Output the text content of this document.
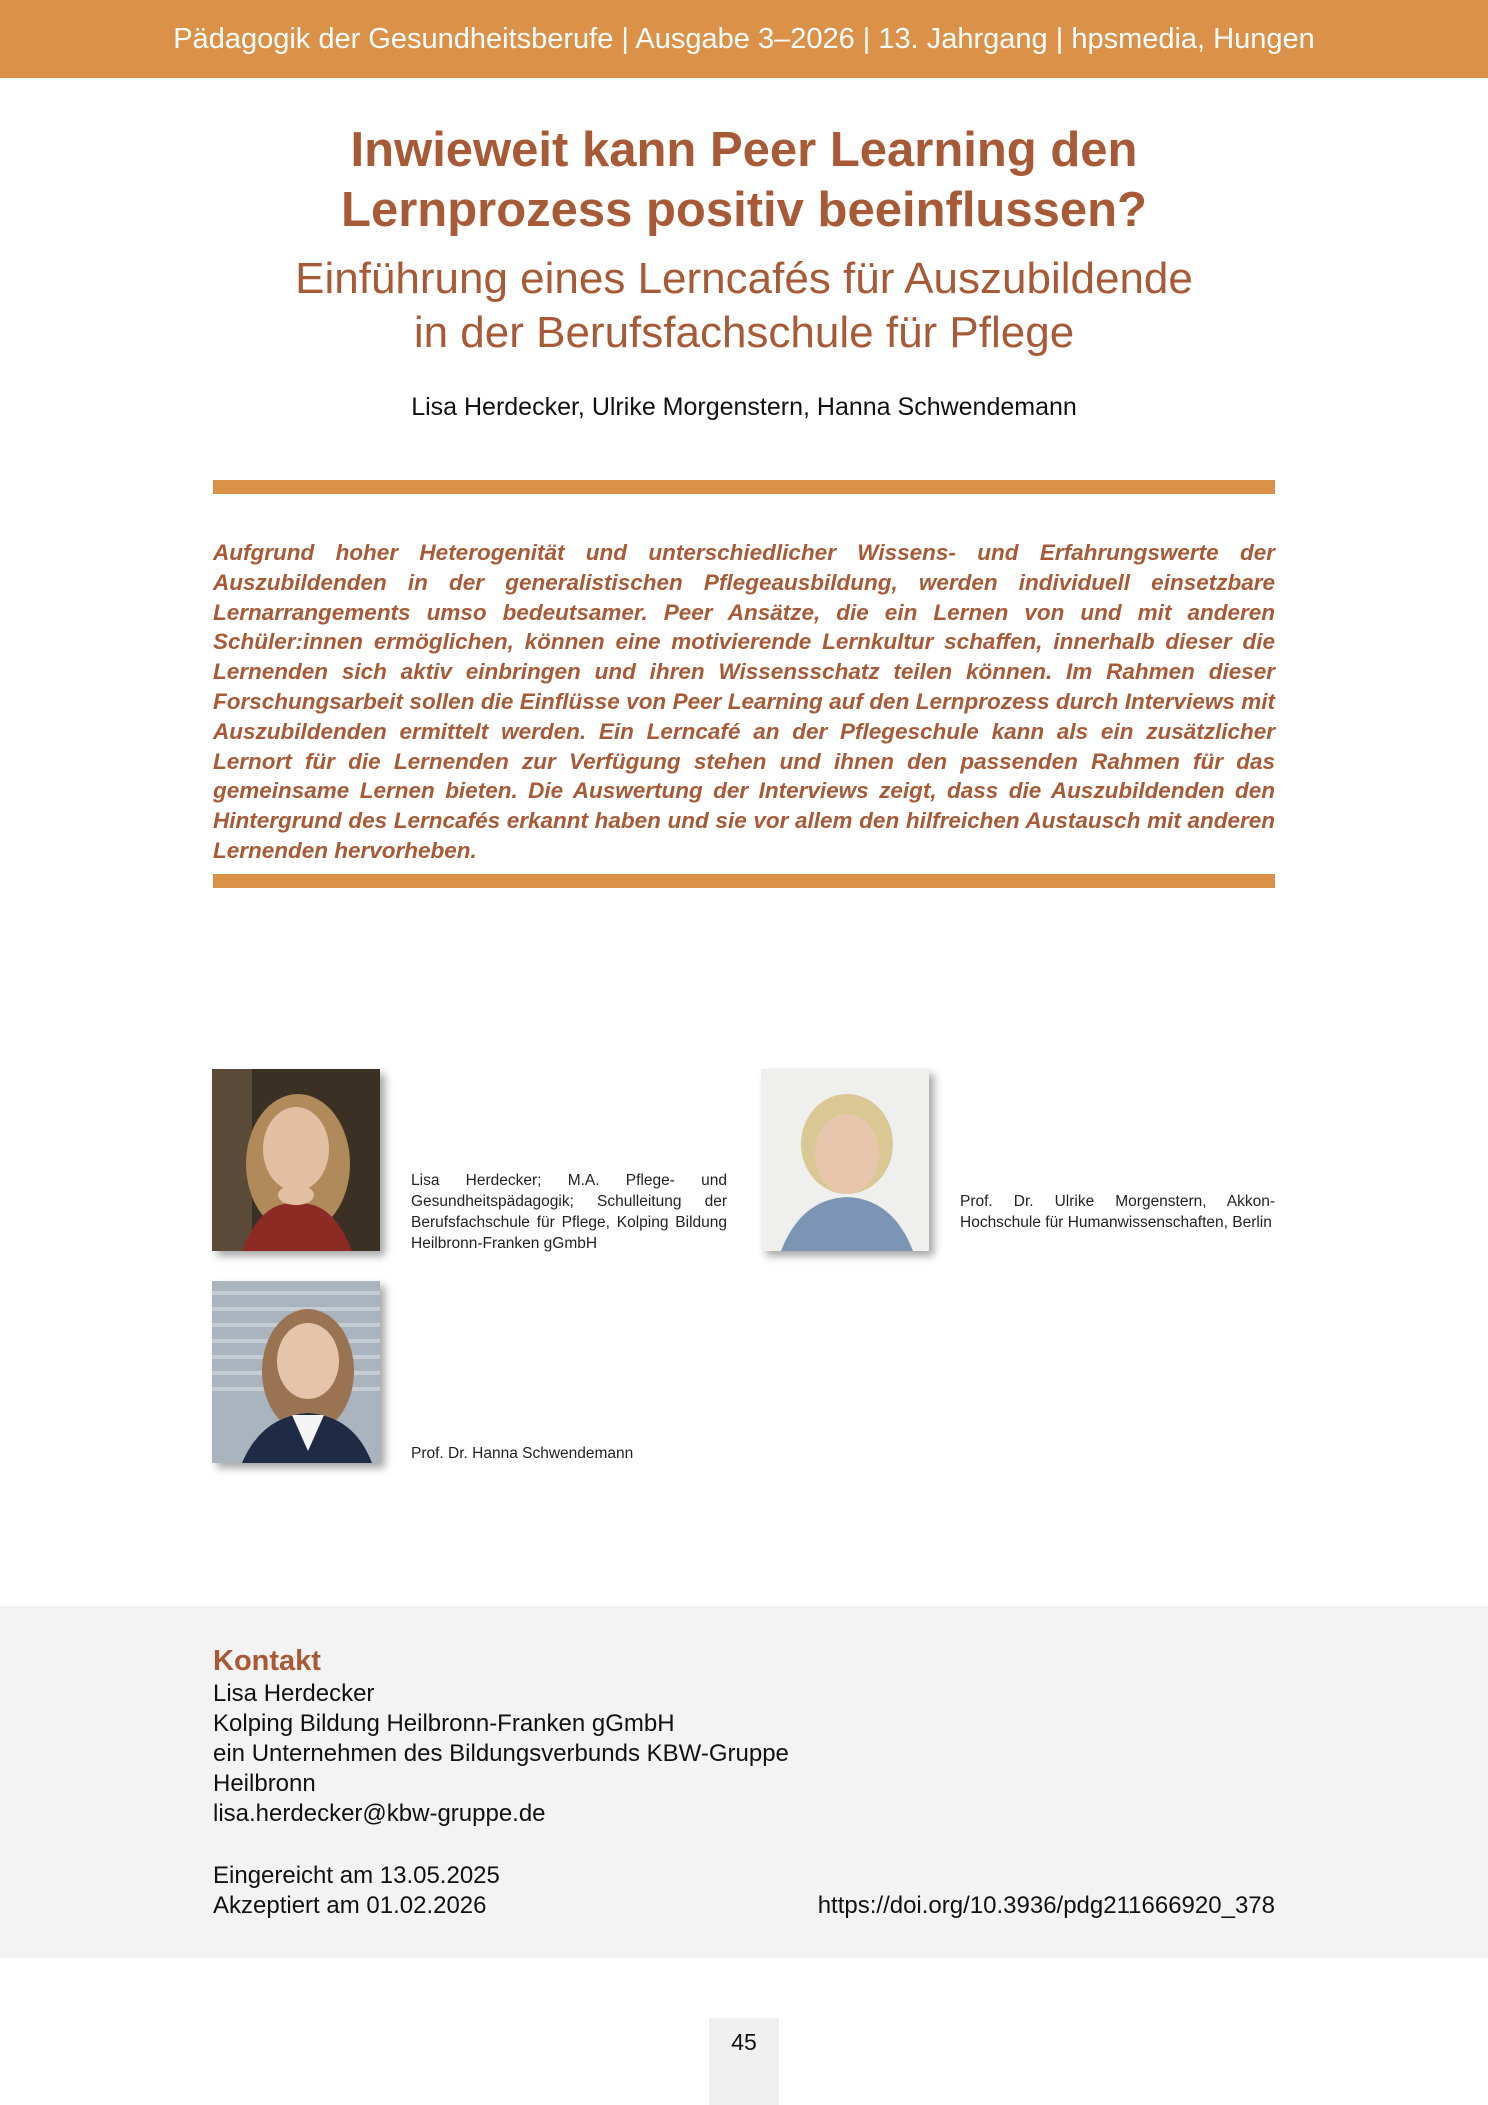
Pädagogik der Gesundheitsberufe | Ausgabe 3–2026 | 13. Jahrgang | hpsmedia, Hungen
Inwieweit kann Peer Learning den
Lernprozess positiv beeinflussen?
Einführung eines Lerncafés für Auszubildende
in der Berufsfachschule für Pflege
Lisa Herdecker, Ulrike Morgenstern, Hanna Schwendemann

Aufgrund hoher Heterogenität und unterschiedlicher Wissens- und Erfahrungswerte der Auszubildenden in der generalistischen Pflegeausbildung, werden individuell einsetzbare Lernarrangements umso bedeutsamer. Peer Ansätze, die ein Lernen von und mit anderen Schüler:innen ermöglichen, können eine motivierende Lernkultur schaffen, innerhalb dieser die Lernenden sich aktiv einbringen und ihren Wissensschatz teilen können. Im Rahmen dieser Forschungsarbeit sollen die Einflüsse von Peer Learning auf den Lernprozess durch Interviews mit Auszubildenden ermittelt werden. Ein Lerncafé an der Pflegeschule kann als ein zusätzlicher Lernort für die Lernenden zur Verfügung stehen und ihnen den passenden Rahmen für das gemeinsame Lernen bieten. Die Auswertung der Interviews zeigt, dass die Auszubildenden den Hintergrund des Lerncafés erkannt haben und sie vor allem den hilfreichen Austausch mit anderen Lernenden hervorheben.

Lisa Herdecker; M.A. Pflege- und Gesundheitspädagogik; Schulleitung der Berufsfachschule für Pflege, Kolping Bildung Heilbronn-Franken gGmbH
Prof. Dr. Ulrike Morgenstern, Akkon-Hochschule für Humanwissenschaften, Berlin
Prof. Dr. Hanna Schwendemann
Kontakt
Lisa Herdecker
Kolping Bildung Heilbronn-Franken gGmbH
ein Unternehmen des Bildungsverbunds KBW-Gruppe
Heilbronn
lisa.herdecker@kbw-gruppe.de
Eingereicht am 13.05.2025
Akzeptiert am 01.02.2026	https://doi.org/10.3936/pdg211666920_378
45
